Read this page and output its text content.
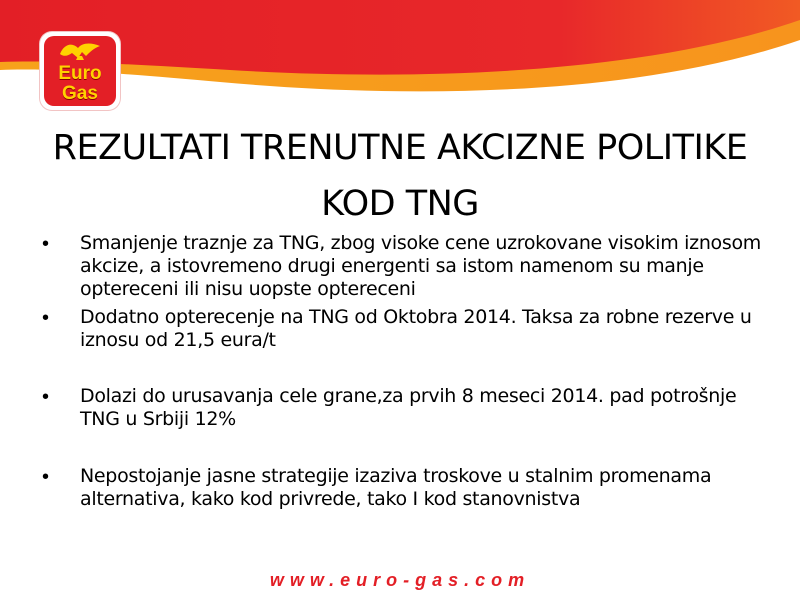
Euro
Gas
REZULTATI TRENUTNE AKCIZNE POLITIKE
KOD TNG
• Smanjenje traznje za TNG, zbog visoke cene uzrokovane visokim iznosom akcize, a istovremeno drugi energenti sa istom namenom su manje optereceni ili nisu uopste optereceni
• Dodatno opterecenje na TNG od Oktobra 2014. Taksa za robne rezerve u iznosu od 21,5 eura/t
• Dolazi do urusavanja cele grane,za prvih 8 meseci 2014. pad potrošnje TNG u Srbiji 12%
• Nepostojanje jasne strategije izaziva troskove u stalnim promenama alternativa, kako kod privrede, tako I kod stanovnistva
www.euro-gas.com
